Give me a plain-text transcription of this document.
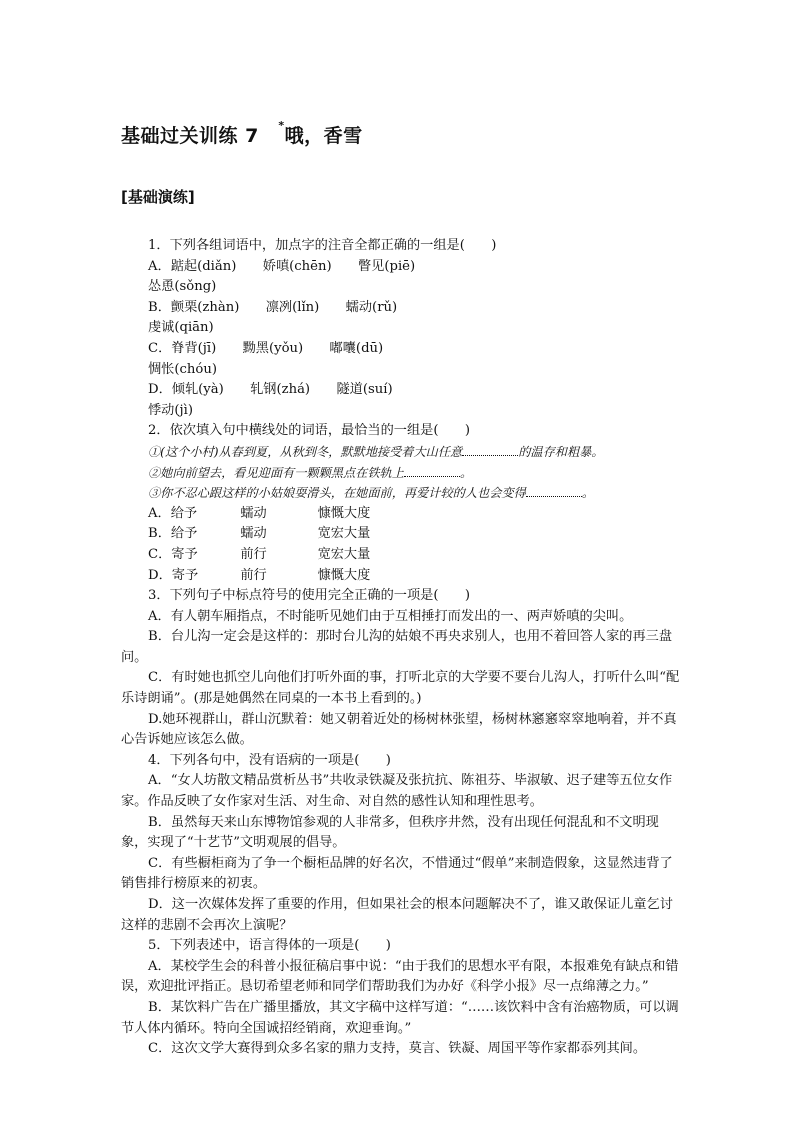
基础过关训练 7　 *哦，香雪
[基础演练]

1．下列各组词语中，加点字的注音全都正确的一组是(　　)

A．踮起(diǎn)　　娇嗔(chēn)　　瞥见(piē)

怂恿(sǒng)

B．颤栗(zhàn)　　凛冽(lǐn)　　蠕动(rǔ)

虔诚(qiān)

C．脊背(jī)　　黝黑(yǒu)　　嘟囔(dū)

惆怅(chóu)

D．倾轧(yà)　　轧钢(zhá)　　隧道(suí)

悸动(jì)

2．依次填入句中横线处的词语，最恰当的一组是(　　)

①(这个小村)从春到夏，从秋到冬，默默地接受着大山任意	的温存和粗暴。

②她向前望去，看见迎面有一颗颗黑点在铁轨上	。

③你不忍心跟这样的小姑娘耍滑头，在她面前，再爱计较的人也会变得	。

A．给予　　	蠕动　	慷慨大度

B．给予　　	蠕动　	宽宏大量

C．寄予　　	前行　	宽宏大量

D．寄予　　	前行　	慷慨大度

3．下列句子中标点符号的使用完全正确的一项是(　　)

A．有人朝车厢指点，不时能听见她们由于互相捶打而发出的一、两声娇嗔的尖叫。

B．台儿沟一定会是这样的：那时台儿沟的姑娘不再央求别人，也用不着回答人家的再三盘问。

C．有时她也抓空儿向他们打听外面的事，打听北京的大学要不要台儿沟人，打听什么叫“配乐诗朗诵”。(那是她偶然在同桌的一本书上看到的。)

D.她环视群山，群山沉默着：她又朝着近处的杨树林张望，杨树林窸窸窣窣地响着，并不真心告诉她应该怎么做。

4．下列各句中，没有语病的一项是(　　)

A．“女人坊散文精品赏析丛书”共收录铁凝及张抗抗、陈祖芬、毕淑敏、迟子建等五位女作家。作品反映了女作家对生活、对生命、对自然的感性认知和理性思考。

B．虽然每天来山东博物馆参观的人非常多，但秩序井然，没有出现任何混乱和不文明现象，实现了“十艺节”文明观展的倡导。

C．有些橱柜商为了争一个橱柜品牌的好名次，不惜通过“假单”来制造假象，这显然违背了销售排行榜原来的初衷。

D．这一次媒体发挥了重要的作用，但如果社会的根本问题解决不了，谁又敢保证儿童乞讨这样的悲剧不会再次上演呢？

5．下列表述中，语言得体的一项是(　　)

A．某校学生会的科普小报征稿启事中说：“由于我们的思想水平有限，本报难免有缺点和错误，欢迎批评指正。恳切希望老师和同学们帮助我们为办好《科学小报》尽一点绵薄之力。”

B．某饮料广告在广播里播放，其文字稿中这样写道：“……该饮料中含有治癌物质，可以调节人体内循环。特向全国诚招经销商，欢迎垂询。”

C．这次文学大赛得到众多名家的鼎力支持，莫言、铁凝、周国平等作家都忝列其间。
